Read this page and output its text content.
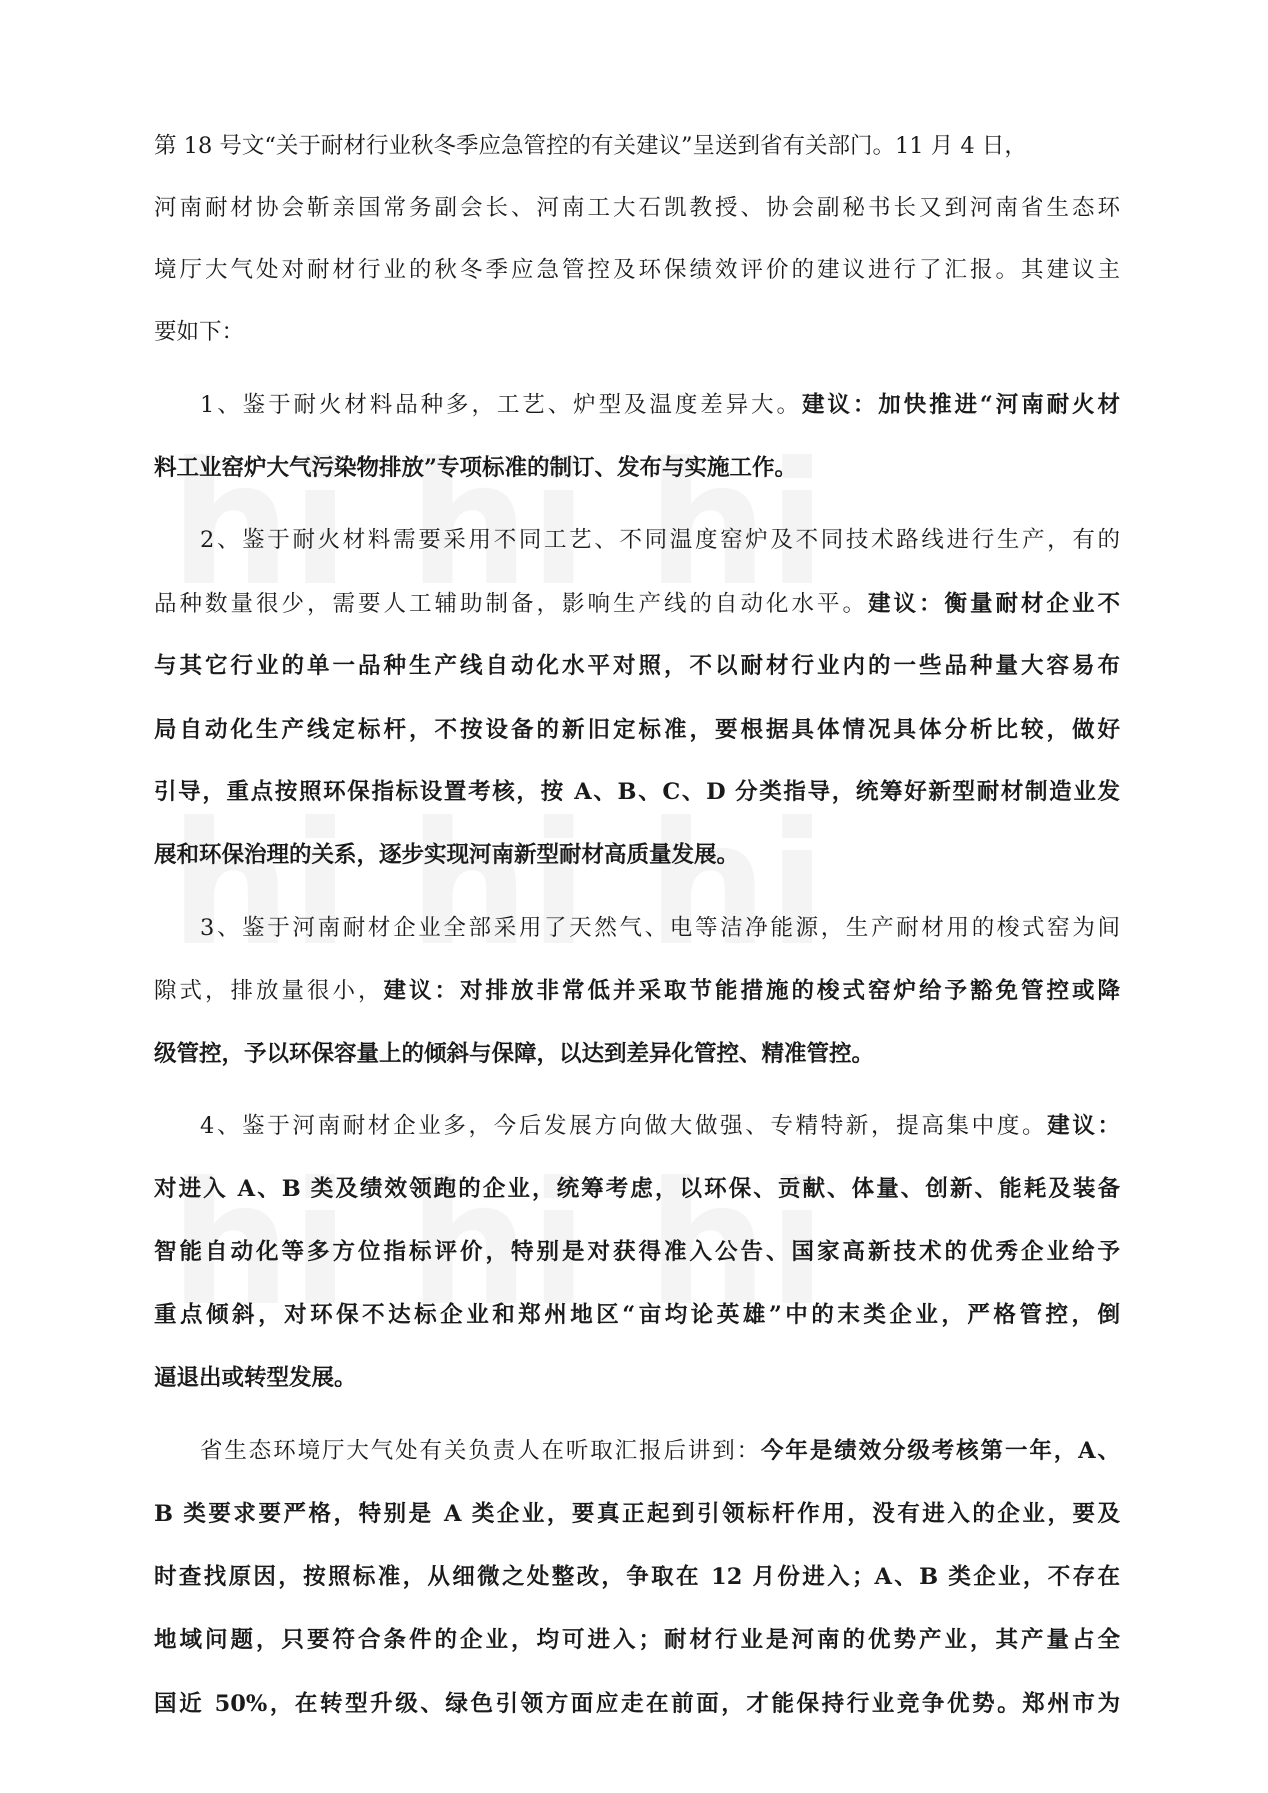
第 18 号文“关于耐材行业秋冬季应急管控的有关建议”呈送到省有关部门。11 月 4 日，
河南耐材协会靳亲国常务副会长、河南工大石凯教授、协会副秘书长又到河南省生态环
境厅大气处对耐材行业的秋冬季应急管控及环保绩效评价的建议进行了汇报。其建议主
要如下：
1、鉴于耐火材料品种多，工艺、炉型及温度差异大。建议：加快推进“河南耐火材
料工业窑炉大气污染物排放”专项标准的制订、发布与实施工作。
2、鉴于耐火材料需要采用不同工艺、不同温度窑炉及不同技术路线进行生产，有的
品种数量很少，需要人工辅助制备，影响生产线的自动化水平。建议：衡量耐材企业不
与其它行业的单一品种生产线自动化水平对照，不以耐材行业内的一些品种量大容易布
局自动化生产线定标杆，不按设备的新旧定标准，要根据具体情况具体分析比较，做好
引导，重点按照环保指标设置考核，按 A、B、C、D 分类指导，统筹好新型耐材制造业发
展和环保治理的关系，逐步实现河南新型耐材高质量发展。
3、鉴于河南耐材企业全部采用了天然气、电等洁净能源，生产耐材用的梭式窑为间
隙式，排放量很小，建议：对排放非常低并采取节能措施的梭式窑炉给予豁免管控或降
级管控，予以环保容量上的倾斜与保障，以达到差异化管控、精准管控。
4、鉴于河南耐材企业多，今后发展方向做大做强、专精特新，提高集中度。建议：
对进入 A、B 类及绩效领跑的企业，统筹考虑，以环保、贡献、体量、创新、能耗及装备
智能自动化等多方位指标评价，特别是对获得准入公告、国家高新技术的优秀企业给予
重点倾斜，对环保不达标企业和郑州地区“亩均论英雄”中的末类企业，严格管控，倒
逼退出或转型发展。
省生态环境厅大气处有关负责人在听取汇报后讲到：今年是绩效分级考核第一年，A、
B 类要求要严格，特别是 A 类企业，要真正起到引领标杆作用，没有进入的企业，要及
时查找原因，按照标准，从细微之处整改，争取在 12 月份进入；A、B 类企业，不存在
地域问题，只要符合条件的企业，均可进入；耐材行业是河南的优势产业，其产量占全
国近 50%，在转型升级、绿色引领方面应走在前面，才能保持行业竞争优势。郑州市为
